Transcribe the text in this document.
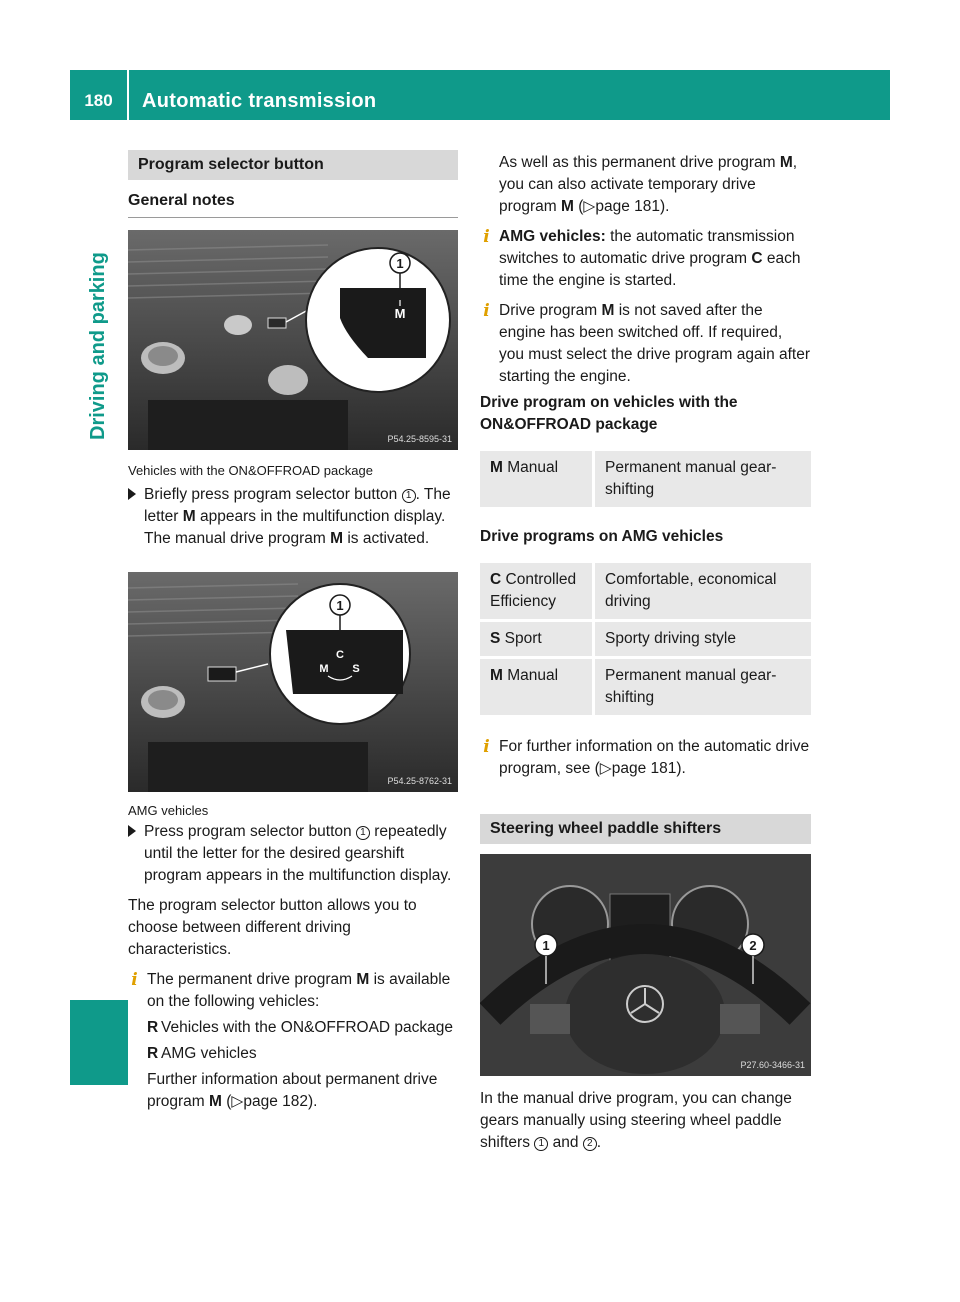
180	Automatic transmission
Driving and parking
Program selector button
General notes
1
M
P54.25-8595-31
Vehicles with the ON&OFFROAD package
Briefly press program selector button 1 . The letter M appears in the multifunction display. The manual drive program M is activated.
1
C
M S
P54.25-8762-31
AMG vehicles
Press program selector button 1 repeatedly until the letter for the desired gearshift program appears in the multifunction display.

The program selector button allows you to choose between different driving characteristics.

i The permanent drive program M is available on the following vehicles:
R Vehicles with the ON&OFFROAD package
R AMG vehicles

Further information about permanent drive program M (▷page 182).

As well as this permanent drive program M, you can also activate temporary drive program M (▷page 181).

i AMG vehicles: the automatic transmission switches to automatic drive program C each time the engine is started.
i Drive program M is not saved after the engine has been switched off. If required, you must select the drive program again after starting the engine.
Drive program on vehicles with the ON&OFFROAD package
M Manual	Permanent manual gear-shifting
Drive programs on AMG vehicles
C Controlled Efficiency	Comfortable, economical driving
S Sport	Sporty driving style
M Manual	Permanent manual gear-shifting
i For further information on the automatic drive program, see (▷page 181).
Steering wheel paddle shifters
1	2
P27.60-3466-31

In the manual drive program, you can change gears manually using steering wheel paddle shifters 1 and 2 .
